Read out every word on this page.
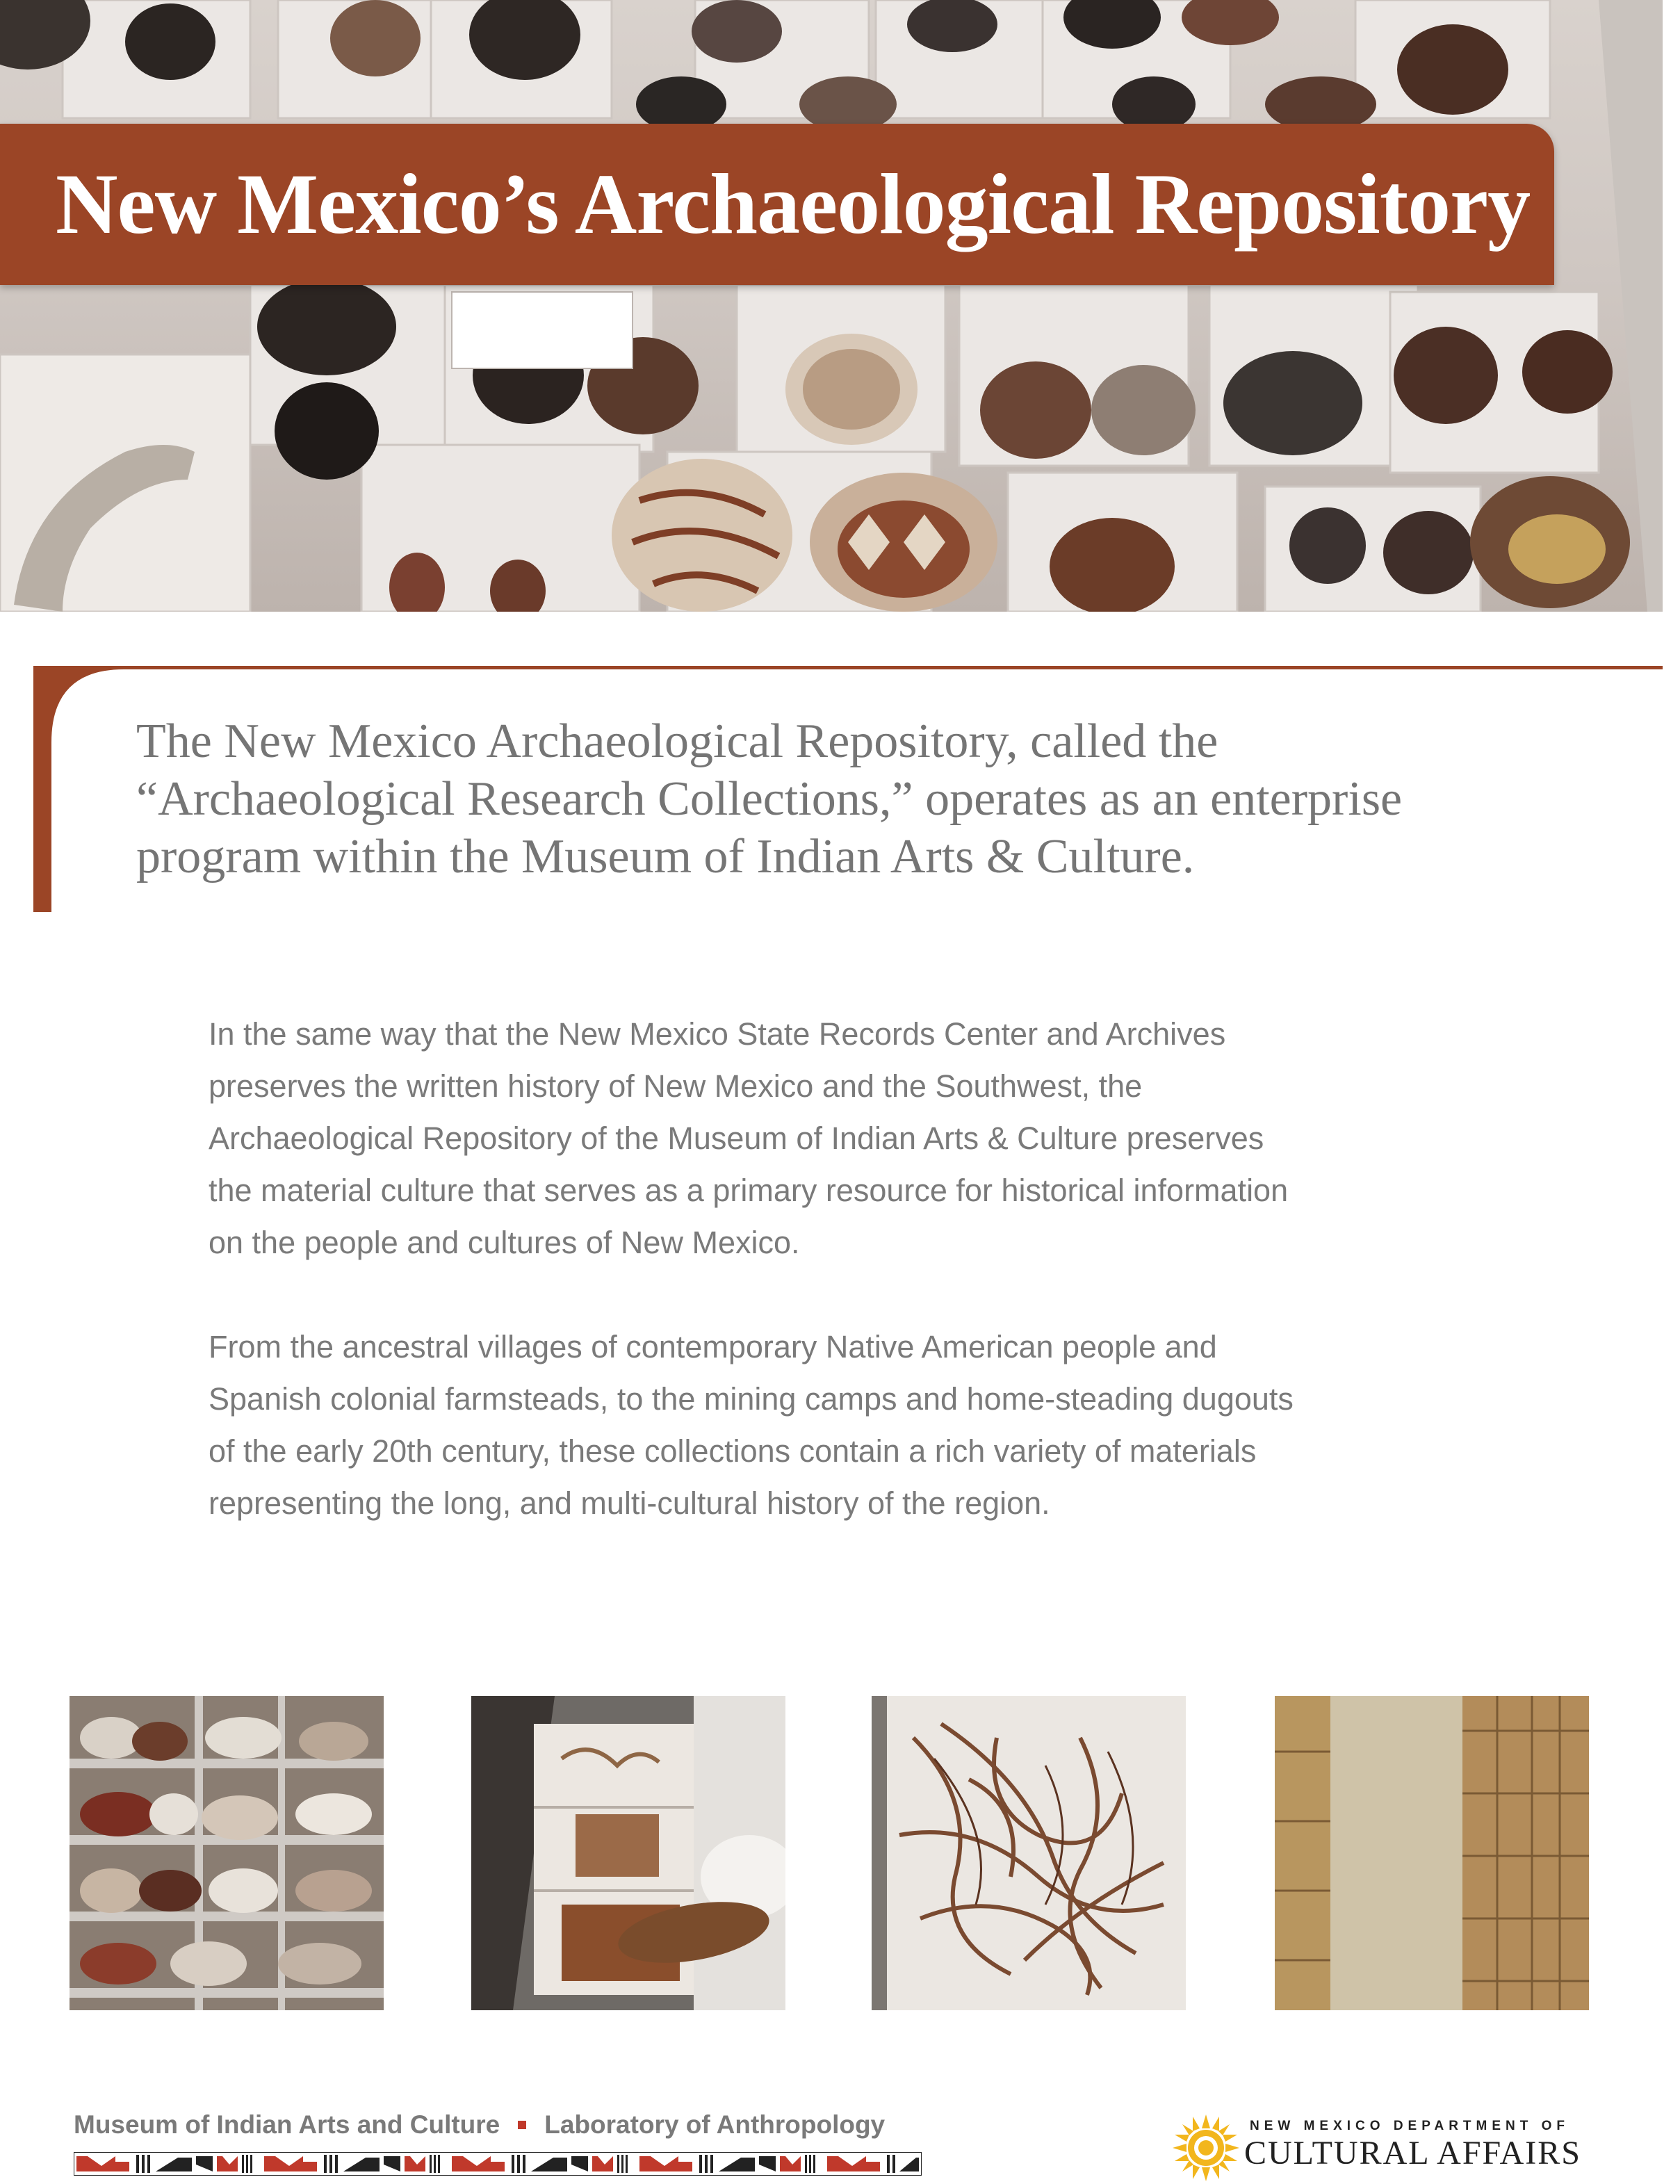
New Mexico’s Archaeological Repository
The New Mexico Archaeological Repository, called the
“Archaeological Research Collections,” operates as an enterprise
program within the Museum of Indian Arts & Culture.
In the same way that the New Mexico State Records Center and Archives
preserves the written history of New Mexico and the Southwest, the
Archaeological Repository of the Museum of Indian Arts & Culture preserves
the material culture that serves as a primary resource for historical information
on the people and cultures of New Mexico.
From the ancestral villages of contemporary Native American people and
Spanish colonial farmsteads, to the mining camps and home-steading dugouts
of the early 20th century, these collections contain a rich variety of materials
representing the long, and multi-cultural history of the region.
Museum of Indian Arts and Culture Laboratory of Anthropology	NEW MEXICO DEPARTMENT OF
CULTURAL AFFAIRS
